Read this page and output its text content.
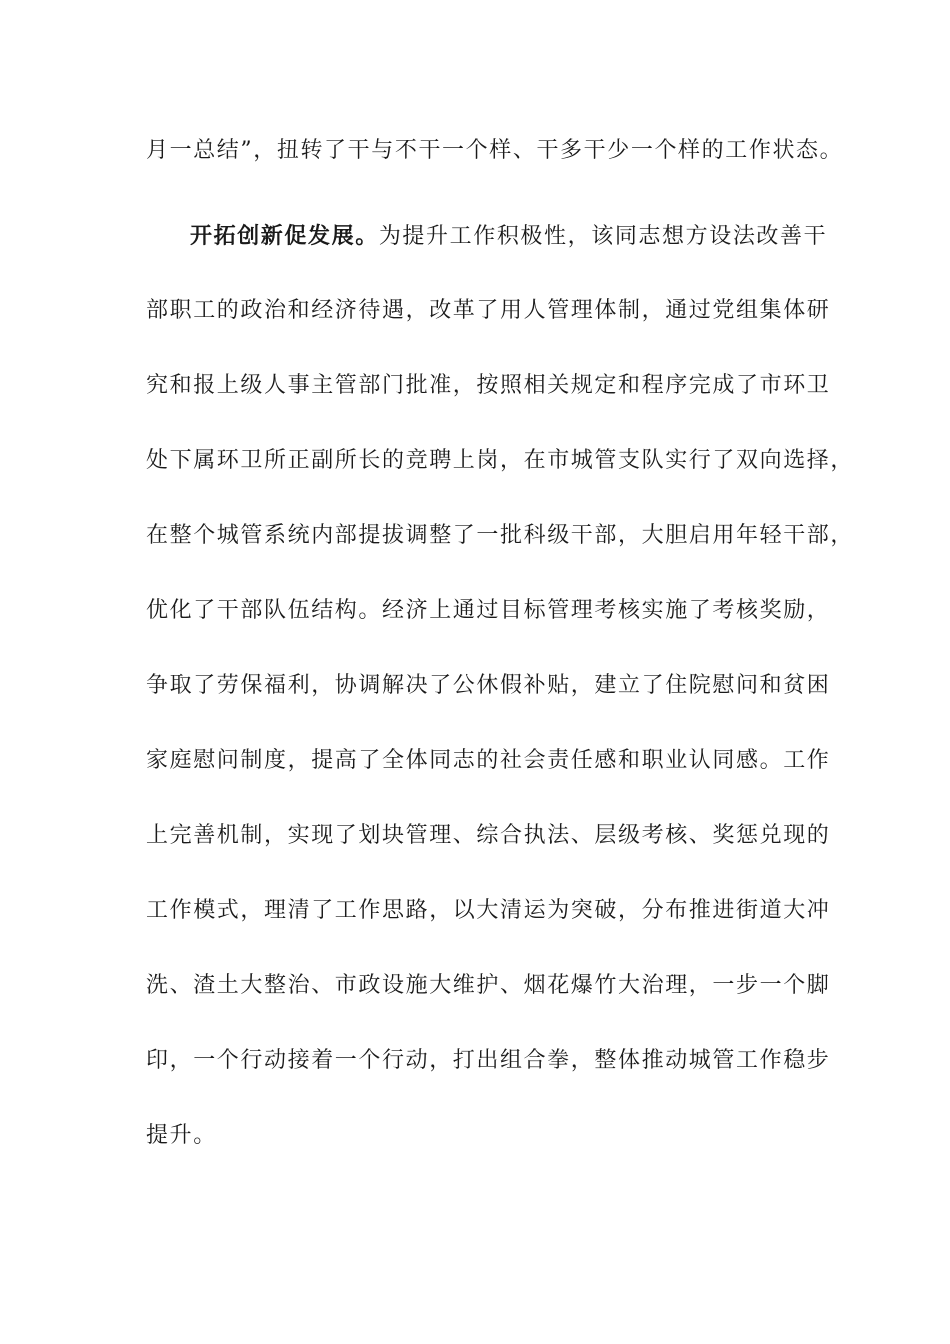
月一总结”，扭转了干与不干一个样、干多干少一个样的工作状态。
开拓创新促发展。为提升工作积极性，该同志想方设法改善干
部职工的政治和经济待遇，改革了用人管理体制，通过党组集体研
究和报上级人事主管部门批准，按照相关规定和程序完成了市环卫
处下属环卫所正副所长的竞聘上岗，在市城管支队实行了双向选择，
在整个城管系统内部提拔调整了一批科级干部，大胆启用年轻干部，
优化了干部队伍结构。经济上通过目标管理考核实施了考核奖励，
争取了劳保福利，协调解决了公休假补贴，建立了住院慰问和贫困
家庭慰问制度，提高了全体同志的社会责任感和职业认同感。工作
上完善机制，实现了划块管理、综合执法、层级考核、奖惩兑现的
工作模式，理清了工作思路，以大清运为突破，分布推进街道大冲
洗、渣土大整治、市政设施大维护、烟花爆竹大治理，一步一个脚
印，一个行动接着一个行动，打出组合拳，整体推动城管工作稳步
提升。
